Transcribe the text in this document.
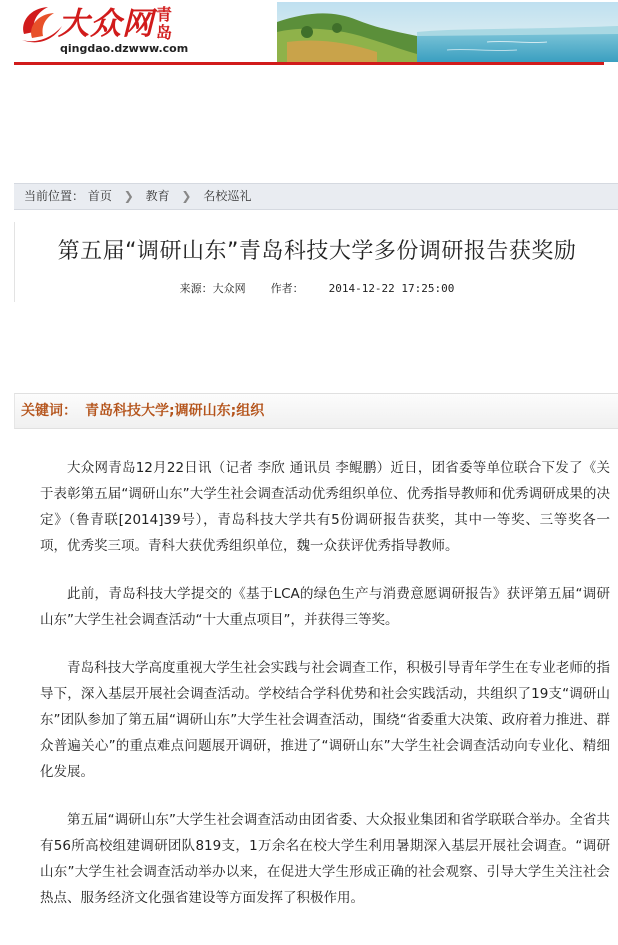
大众网 青岛
qingdao.dzwww.com
当前位置： 首页 ❯ 教育 ❯ 名校巡礼
第五届“调研山东”青岛科技大学多份调研报告获奖励
来源：大众网 作者： 2014-12-22 17:25:00
关键词： 青岛科技大学;调研山东;组织

大众网青岛12月22日讯（记者 李欣 通讯员 李鲲鹏）近日，团省委等单位联合下发了《关于表彰第五届“调研山东”大学生社会调查活动优秀组织单位、优秀指导教师和优秀调研成果的决定》（鲁青联[2014]39号），青岛科技大学共有5份调研报告获奖，其中一等奖、三等奖各一项，优秀奖三项。青科大获优秀组织单位，魏一众获评优秀指导教师。

此前，青岛科技大学提交的《基于LCA的绿色生产与消费意愿调研报告》获评第五届“调研山东”大学生社会调查活动“十大重点项目”，并获得三等奖。

青岛科技大学高度重视大学生社会实践与社会调查工作，积极引导青年学生在专业老师的指导下，深入基层开展社会调查活动。学校结合学科优势和社会实践活动，共组织了19支“调研山东”团队参加了第五届“调研山东”大学生社会调查活动，围绕“省委重大决策、政府着力推进、群众普遍关心”的重点难点问题展开调研，推进了“调研山东”大学生社会调查活动向专业化、精细化发展。

第五届“调研山东”大学生社会调查活动由团省委、大众报业集团和省学联联合举办。全省共有56所高校组建调研团队819支，1万余名在校大学生利用暑期深入基层开展社会调查。“调研山东”大学生社会调查活动举办以来，在促进大学生形成正确的社会观察、引导大学生关注社会热点、服务经济文化强省建设等方面发挥了积极作用。
